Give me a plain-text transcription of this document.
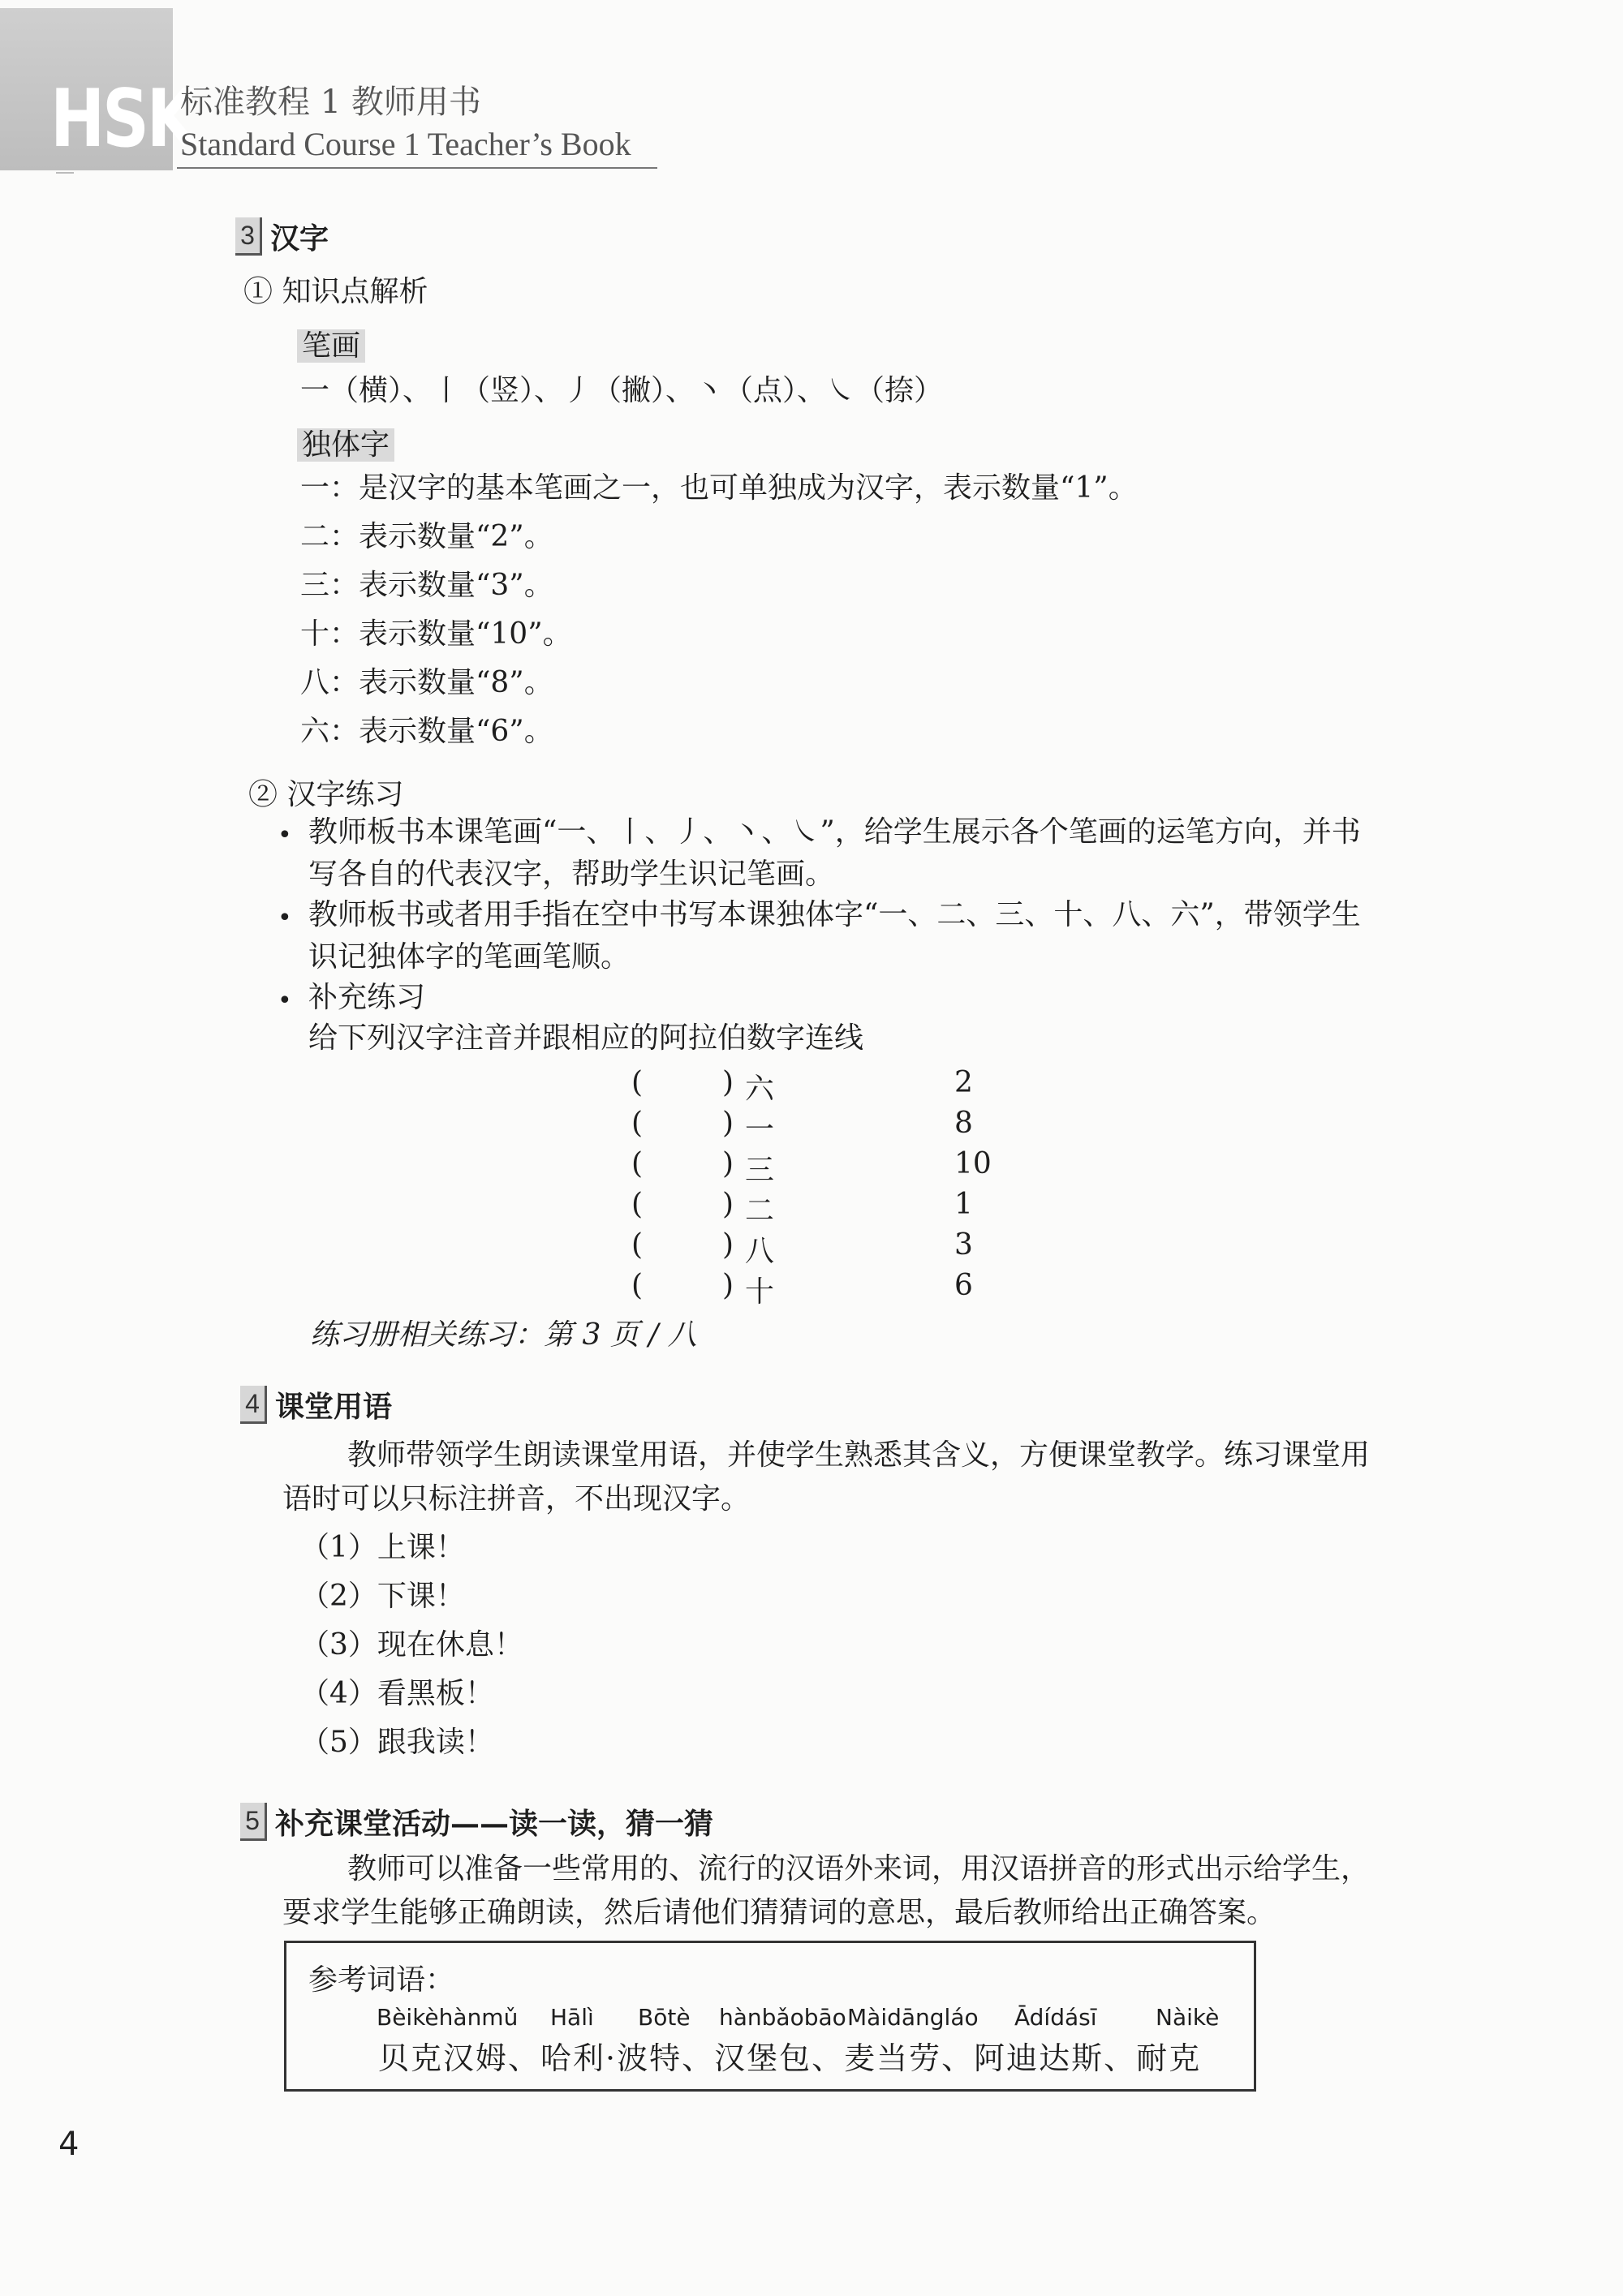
HSK
标准教程 1 教师用书
Standard Course 1 Teacher’s Book
3 汉字
① 知识点解析
笔画
一（横）、丨（竖）、丿（撇）、丶（点）、㇏（捺）
独体字
一：是汉字的基本笔画之一，也可单独成为汉字，表示数量“1”。
二：表示数量“2”。
三：表示数量“3”。
十：表示数量“10”。
八：表示数量“8”。
六：表示数量“6”。
② 汉字练习
• 教师板书本课笔画“一、丨、丿、丶、㇏”，给学生展示各个笔画的运笔方向，并书
写各自的代表汉字，帮助学生识记笔画。
• 教师板书或者用手指在空中书写本课独体字“一、二、三、十、八、六”，带领学生
识记独体字的笔画笔顺。
• 补充练习
给下列汉字注音并跟相应的阿拉伯数字连线
(	) 六	2
(	) 一	8
(	) 三	10
(	) 二	1
(	) 八	3
(	) 十	6
练习册相关练习：第 3 页 / 八
4 课堂用语
教师带领学生朗读课堂用语，并使学生熟悉其含义，方便课堂教学。练习课堂用
语时可以只标注拼音，不出现汉字。
（1）上课！
（2）下课！
（3）现在休息！
（4）看黑板！
（5）跟我读！
5 补充课堂活动——读一读，猜一猜
教师可以准备一些常用的、流行的汉语外来词，用汉语拼音的形式出示给学生，
要求学生能够正确朗读，然后请他们猜猜词的意思，最后教师给出正确答案。
参考词语：
Bèikèhànmǔ Hālì Bōtè hànbǎobāo Màidāngláo Ādídásī	Nàikè
贝克汉姆、哈利·波特、汉堡包、麦当劳、阿迪达斯、耐克
4
